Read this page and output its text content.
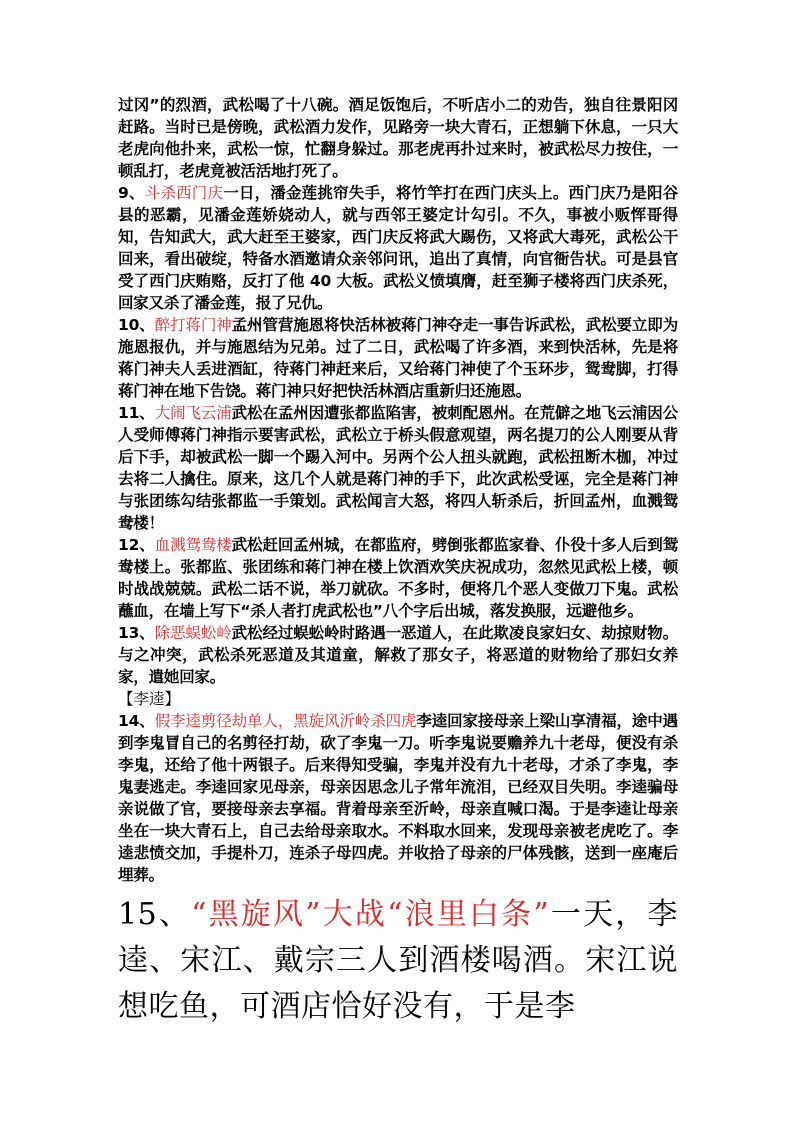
过冈”的烈酒，武松喝了十八碗。酒足饭饱后，不听店小二的劝告，独自往景阳冈赶路。当时已是傍晚，武松酒力发作，见路旁一块大青石，正想躺下休息，一只大老虎向他扑来，武松一惊，忙翻身躲过。那老虎再扑过来时，被武松尽力按住，一顿乱打，老虎竟被活活地打死了。

9、斗杀西门庆一日，潘金莲挑帘失手，将竹竿打在西门庆头上。西门庆乃是阳谷县的恶霸，见潘金莲娇娆动人，就与西邻王婆定计勾引。不久，事被小贩恽哥得知，告知武大，武大赶至王婆家，西门庆反将武大踢伤，又将武大毒死，武松公干回来，看出破绽，特备水酒邀请众亲邻问讯，追出了真情，向官衙告状。可是县官受了西门庆贿赂，反打了他 40 大板。武松义愤填膺，赶至狮子楼将西门庆杀死， 回家又杀了潘金莲，报了兄仇。

10、醉打蒋门神孟州管营施恩将快活林被蒋门神夺走一事告诉武松，武松要立即为施恩报仇，并与施恩结为兄弟。过了二日，武松喝了许多酒，来到快活林，先是将蒋门神夫人丢进酒缸，待蒋门神赶来后，又给蒋门神使了个玉环步，鸳鸯脚，打得蒋门神在地下告饶。蒋门神只好把快活林酒店重新归还施恩。

11、大闹飞云浦武松在孟州因遭张都监陷害，被刺配恩州。在荒僻之地飞云浦因公人受师傅蒋门神指示要害武松，武松立于桥头假意观望，两名提刀的公人刚要从背后下手，却被武松一脚一个踢入河中。另两个公人扭头就跑，武松扭断木枷，冲过去将二人擒住。原来，这几个人就是蒋门神的手下，此次武松受诬，完全是蒋门神与张团练勾结张都监一手策划。武松闻言大怒，将四人斩杀后，折回孟州，血溅鸳鸯楼！

12、血溅鸳鸯楼武松赶回孟州城，在都监府，劈倒张都监家眷、仆役十多人后到鸳鸯楼上。张都监、张团练和蒋门神在楼上饮酒欢笑庆祝成功，忽然见武松上楼，顿时战战兢兢。武松二话不说，举刀就砍。不多时，便将几个恶人变做刀下鬼。武松蘸血，在墙上写下“杀人者打虎武松也”八个字后出城，落发换服，远避他乡。

13、除恶蜈蚣岭武松经过蜈蚣岭时路遇一恶道人，在此欺凌良家妇女、劫掠财物。与之冲突，武松杀死恶道及其道童，解救了那女子，将恶道的财物给了那妇女养家，遣她回家。

【李逵】

14、假李逵剪径劫单人，黑旋风沂岭杀四虎李逵回家接母亲上梁山享清福，途中遇到李鬼冒自己的名剪径打劫，砍了李鬼一刀。听李鬼说要赡养九十老母，便没有杀李鬼，还给了他十两银子。后来得知受骗，李鬼并没有九十老母，才杀了李鬼，李鬼妻逃走。李逵回家见母亲，母亲因思念儿子常年流泪，已经双目失明。李逵骗母亲说做了官，要接母亲去享福。背着母亲至沂岭，母亲直喊口渴。于是李逵让母亲坐在一块大青石上，自己去给母亲取水。不料取水回来，发现母亲被老虎吃了。李逵悲愤交加，手提朴刀，连杀子母四虎。并收拾了母亲的尸体残骸，送到一座庵后埋葬。

15、“黑旋风”大战“浪里白条”一天，李逵、宋江、戴宗三人到酒楼喝酒。宋江说想吃鱼，可酒店恰好没有，于是李
